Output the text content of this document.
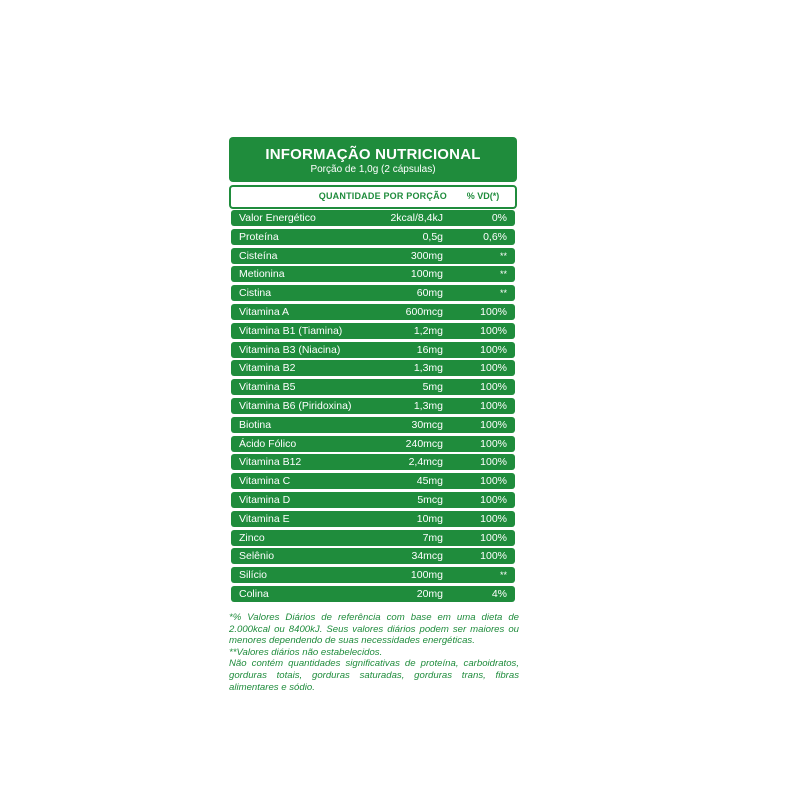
INFORMAÇÃO NUTRICIONAL
Porção de 1,0g (2 cápsulas)
QUANTIDADE POR PORÇÃO	% VD(*)
Valor Energético	2kcal/8,4kJ	0%
Proteína	0,5g	0,6%
Cisteína	300mg	**
Metionina	100mg	**
Cistina	60mg	**
Vitamina A	600mcg	100%
Vitamina B1 (Tiamina)	1,2mg	100%
Vitamina B3 (Niacina)	16mg	100%
Vitamina B2	1,3mg	100%
Vitamina B5	5mg	100%
Vitamina B6 (Piridoxina)	1,3mg	100%
Biotina	30mcg	100%
Ácido Fólico	240mcg	100%
Vitamina B12	2,4mcg	100%
Vitamina C	45mg	100%
Vitamina D	5mcg	100%
Vitamina E	10mg	100%
Zinco	7mg	100%
Selênio	34mcg	100%
Silício	100mg	**
Colina	20mg	4%

*% Valores Diários de referência com base em uma dieta de 2.000kcal ou 8400kJ. Seus valores diários podem ser maiores ou menores dependendo de suas necessidades energéticas.

**Valores diários não estabelecidos.

Não contém quantidades significativas de proteína, carboidratos, gorduras totais, gorduras saturadas, gorduras trans, fibras alimentares e sódio.
